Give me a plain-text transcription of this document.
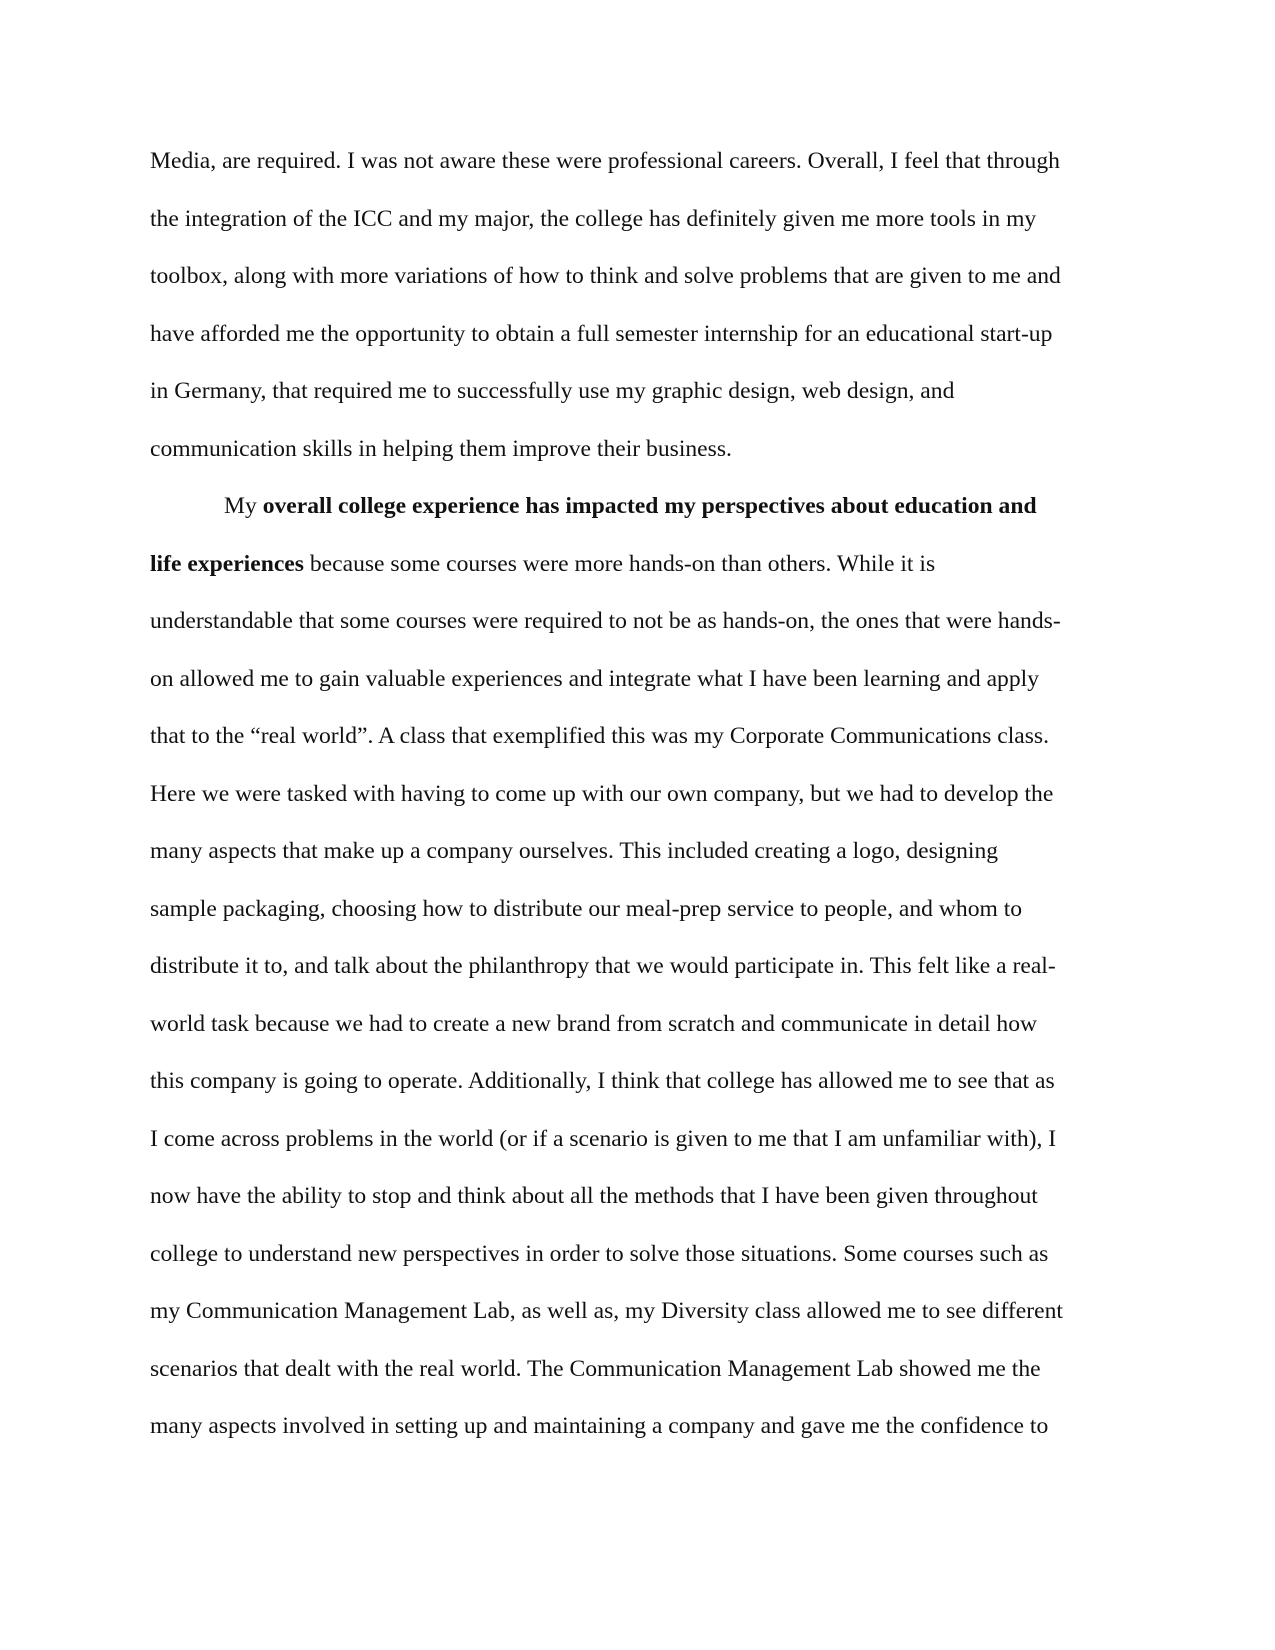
Media, are required. I was not aware these were professional careers. Overall, I feel that through
the integration of the ICC and my major, the college has definitely given me more tools in my
toolbox, along with more variations of how to think and solve problems that are given to me and
have afforded me the opportunity to obtain a full semester internship for an educational start-up
in Germany, that required me to successfully use my graphic design, web design, and
communication skills in helping them improve their business.
My overall college experience has impacted my perspectives about education and
life experiences because some courses were more hands-on than others. While it is
understandable that some courses were required to not be as hands-on, the ones that were hands-
on allowed me to gain valuable experiences and integrate what I have been learning and apply
that to the “real world”. A class that exemplified this was my Corporate Communications class.
Here we were tasked with having to come up with our own company, but we had to develop the
many aspects that make up a company ourselves. This included creating a logo, designing
sample packaging, choosing how to distribute our meal-prep service to people, and whom to
distribute it to, and talk about the philanthropy that we would participate in. This felt like a real-
world task because we had to create a new brand from scratch and communicate in detail how
this company is going to operate. Additionally, I think that college has allowed me to see that as
I come across problems in the world (or if a scenario is given to me that I am unfamiliar with), I
now have the ability to stop and think about all the methods that I have been given throughout
college to understand new perspectives in order to solve those situations. Some courses such as
my Communication Management Lab, as well as, my Diversity class allowed me to see different
scenarios that dealt with the real world. The Communication Management Lab showed me the
many aspects involved in setting up and maintaining a company and gave me the confidence to
